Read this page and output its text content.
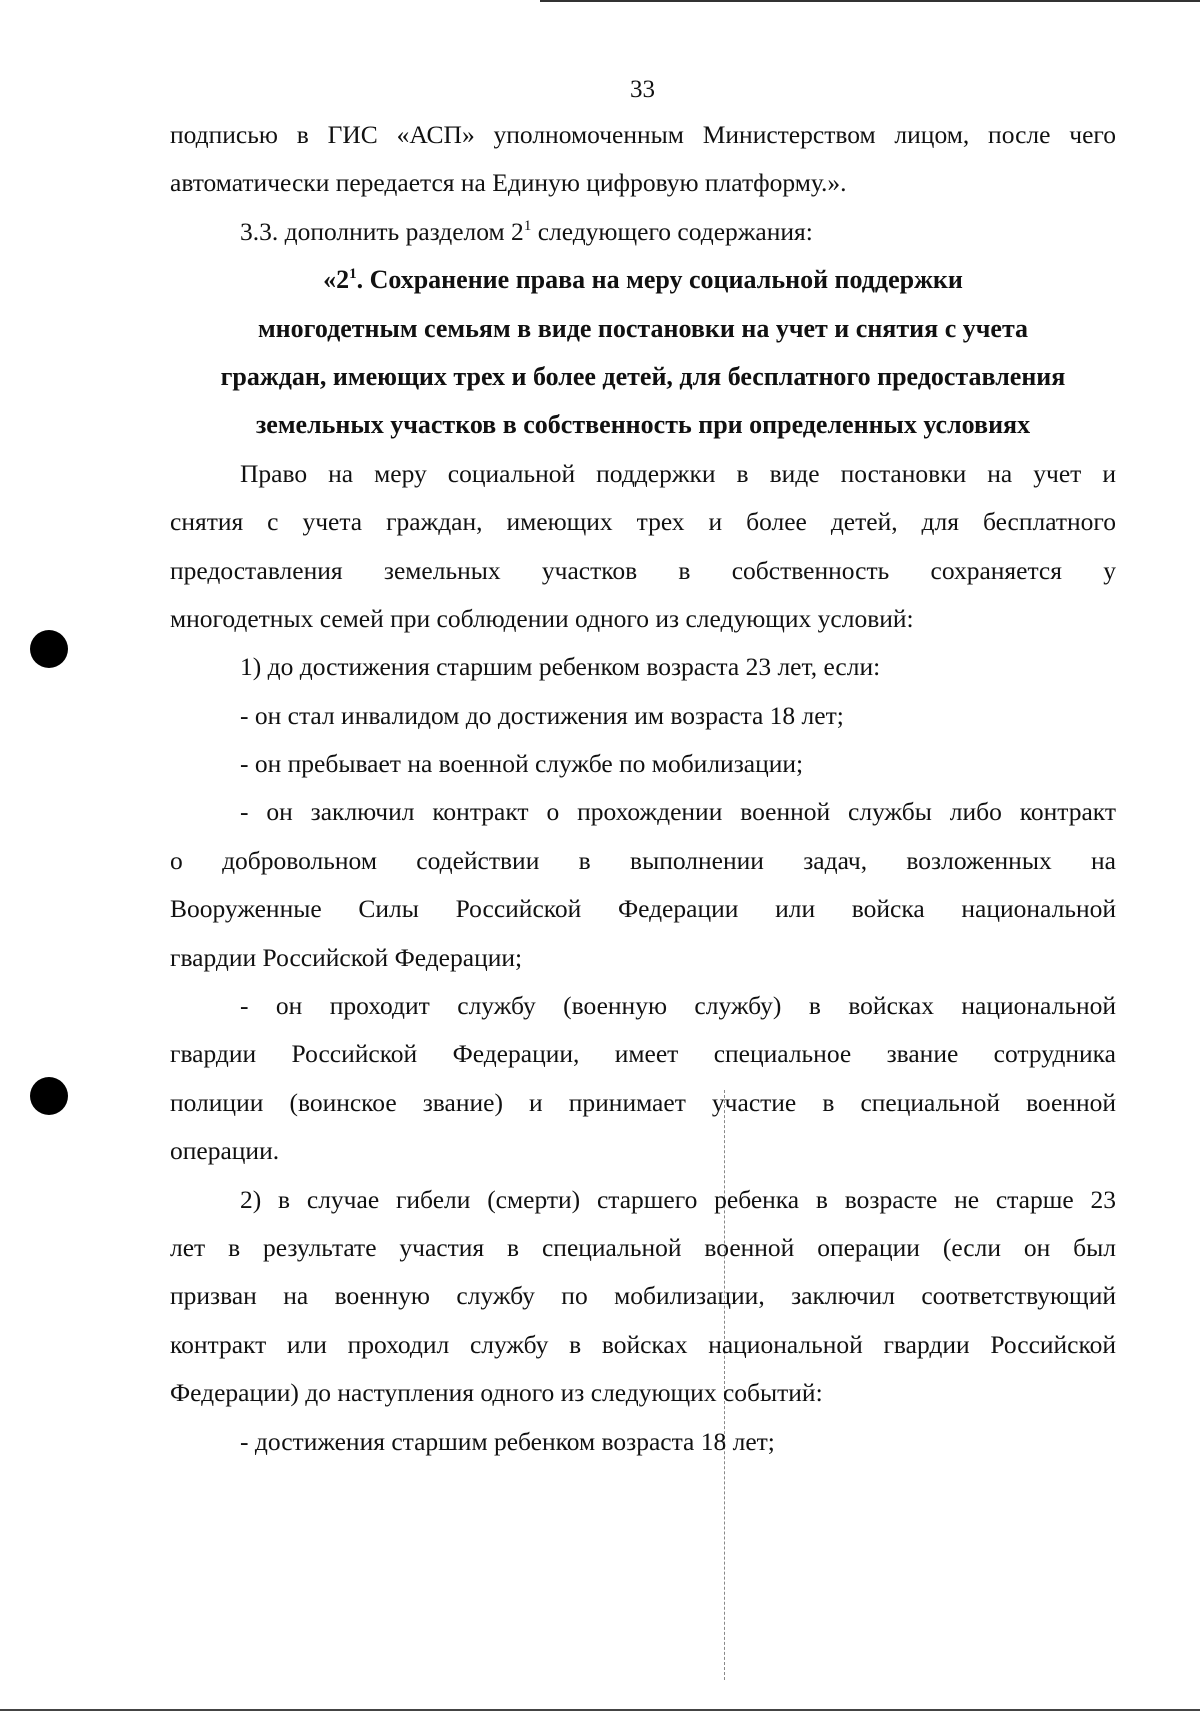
33
подписью в ГИС «АСП» уполномоченным Министерством лицом, после чего
автоматически передается на Единую цифровую платформу.».
3.3. дополнить разделом $2^1$ следующего содержания:
«$2^1$. Сохранение права на меру социальной поддержки
многодетным семьям в виде постановки на учет и снятия с учета
граждан, имеющих трех и более детей, для бесплатного предоставления
земельных участков в собственность при определенных условиях
Право на меру социальной поддержки в виде постановки на учет и
снятия с учета граждан, имеющих трех и более детей, для бесплатного
предоставления земельных участков в собственность сохраняется у
многодетных семей при соблюдении одного из следующих условий:
1) до достижения старшим ребенком возраста 23 лет, если:
- он стал инвалидом до достижения им возраста 18 лет;
- он пребывает на военной службе по мобилизации;
- он заключил контракт о прохождении военной службы либо контракт
о добровольном содействии в выполнении задач, возложенных на
Вооруженные Силы Российской Федерации или войска национальной
гвардии Российской Федерации;
- он проходит службу (военную службу) в войсках национальной
гвардии Российской Федерации, имеет специальное звание сотрудника
полиции (воинское звание) и принимает участие в специальной военной
операции.
2) в случае гибели (смерти) старшего ребенка в возрасте не старше 23
лет в результате участия в специальной военной операции (если он был
призван на военную службу по мобилизации, заключил соответствующий
контракт или проходил службу в войсках национальной гвардии Российской
Федерации) до наступления одного из следующих событий:
- достижения старшим ребенком возраста 18 лет;
